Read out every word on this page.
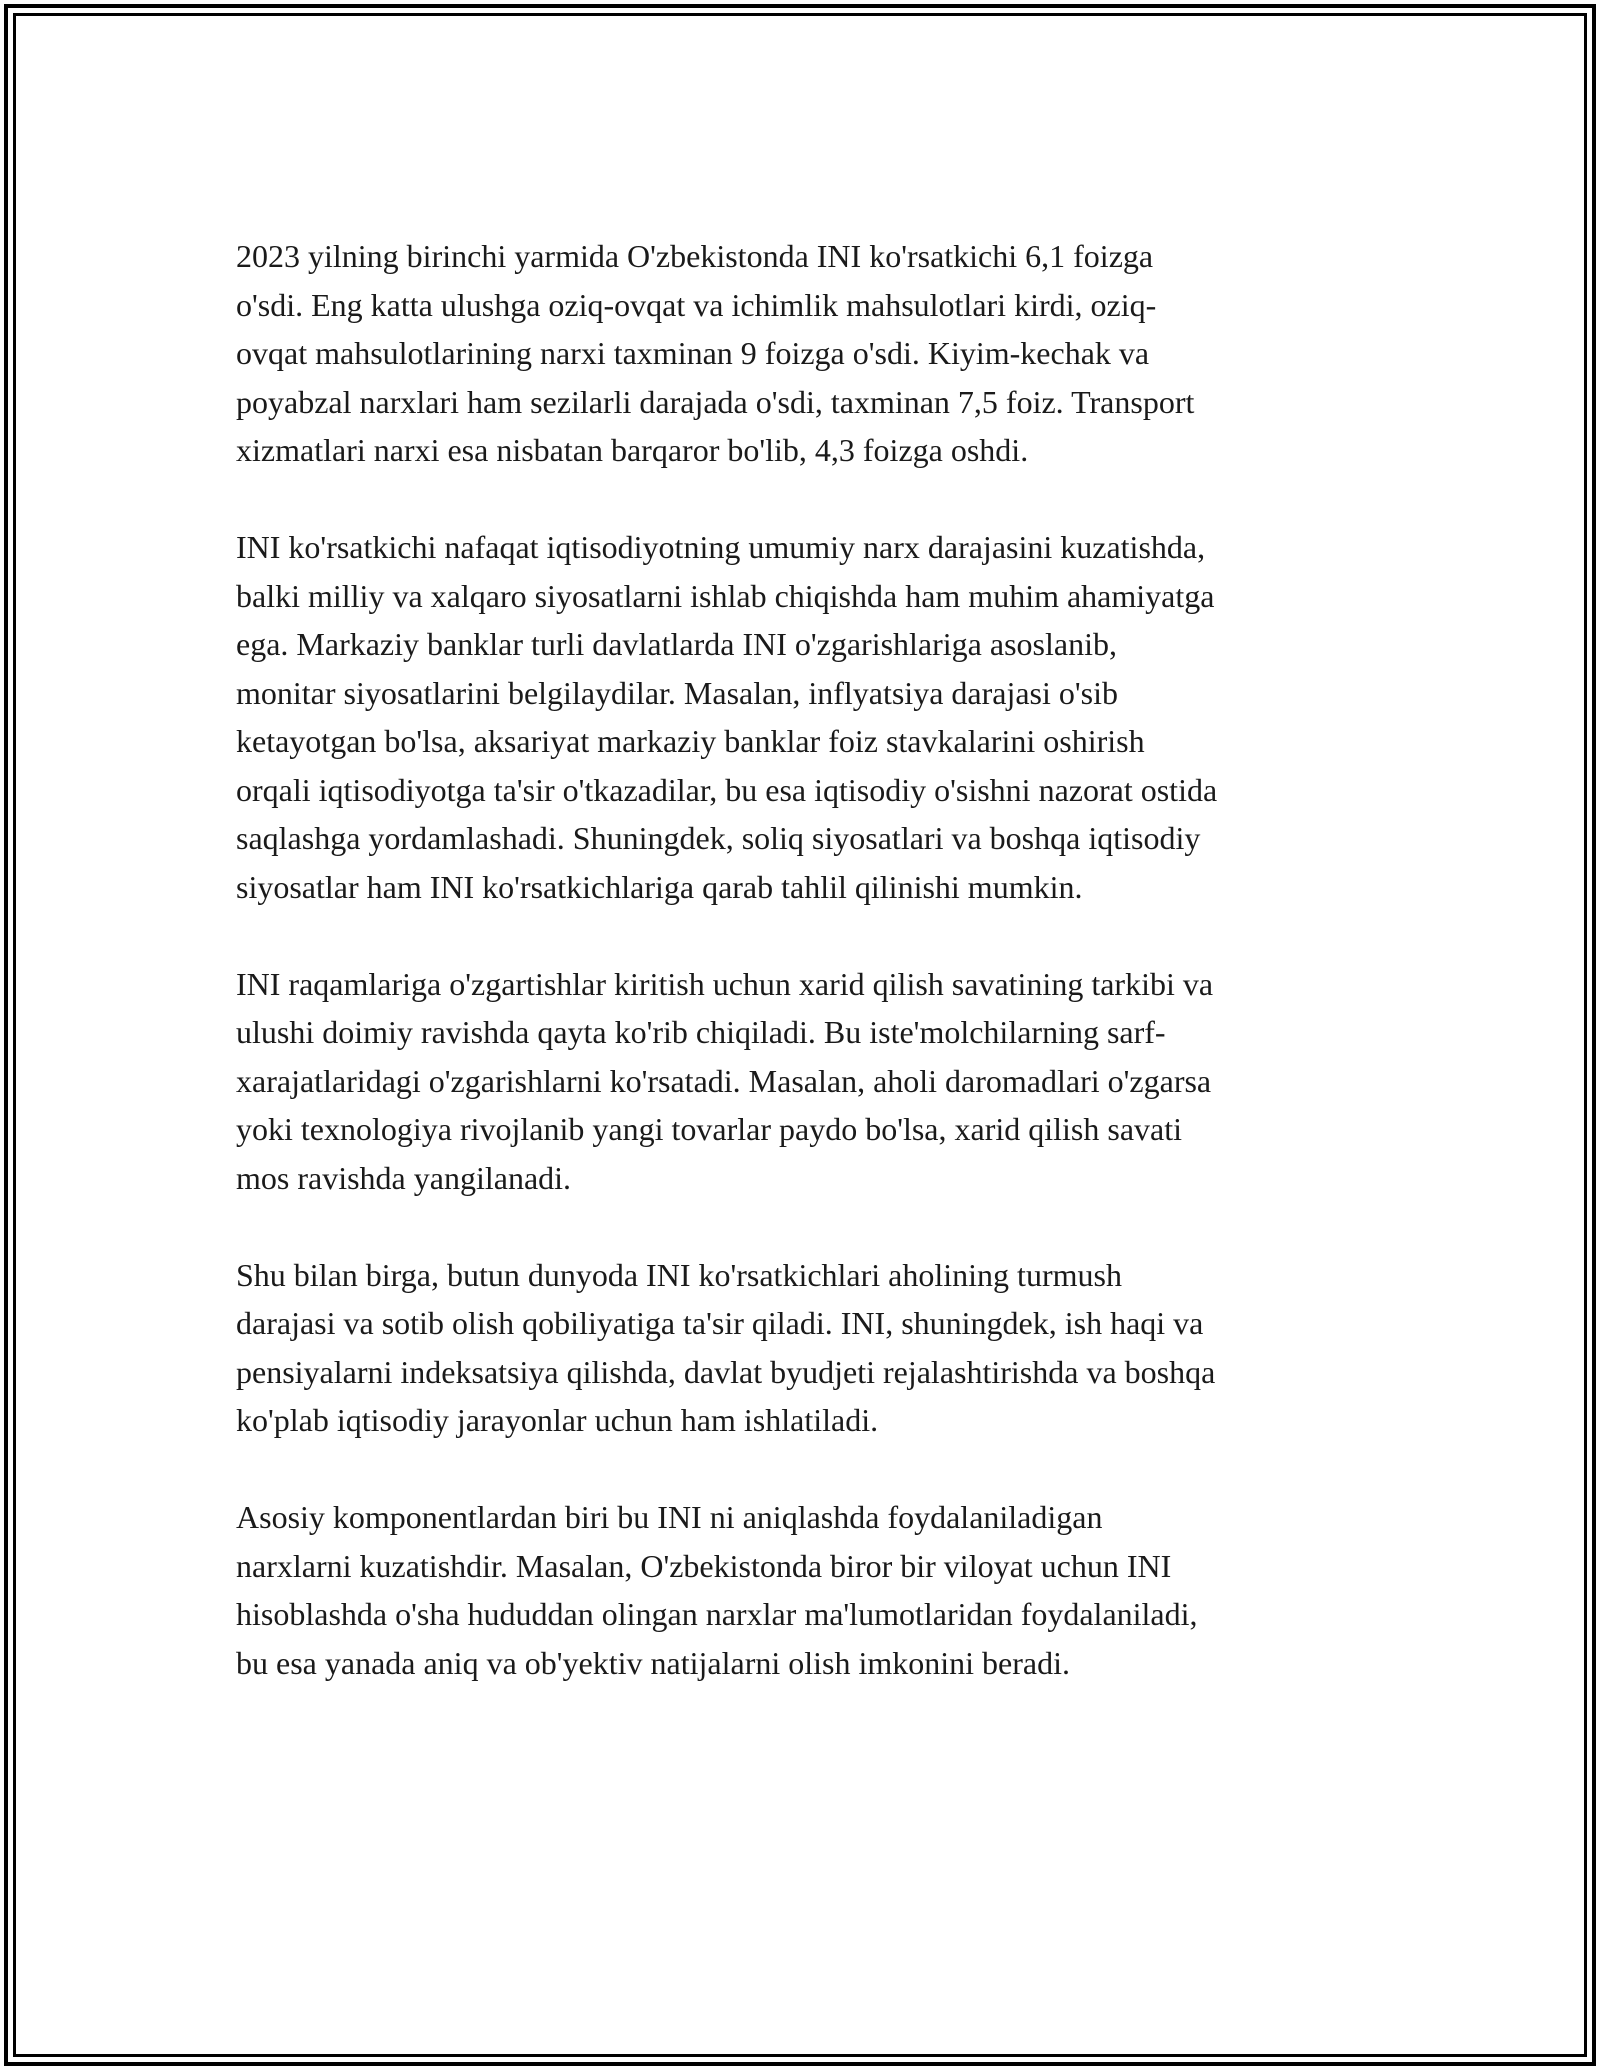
2023 yilning birinchi yarmida O'zbekistonda INI ko'rsatkichi 6,1 foizga
o'sdi. Eng katta ulushga oziq-ovqat va ichimlik mahsulotlari kirdi, oziq-
ovqat mahsulotlarining narxi taxminan 9 foizga o'sdi. Kiyim-kechak va
poyabzal narxlari ham sezilarli darajada o'sdi, taxminan 7,5 foiz. Transport
xizmatlari narxi esa nisbatan barqaror bo'lib, 4,3 foizga oshdi.

INI ko'rsatkichi nafaqat iqtisodiyotning umumiy narx darajasini kuzatishda,
balki milliy va xalqaro siyosatlarni ishlab chiqishda ham muhim ahamiyatga
ega. Markaziy banklar turli davlatlarda INI o'zgarishlariga asoslanib,
monitar siyosatlarini belgilaydilar. Masalan, inflyatsiya darajasi o'sib
ketayotgan bo'lsa, aksariyat markaziy banklar foiz stavkalarini oshirish
orqali iqtisodiyotga ta'sir o'tkazadilar, bu esa iqtisodiy o'sishni nazorat ostida
saqlashga yordamlashadi. Shuningdek, soliq siyosatlari va boshqa iqtisodiy
siyosatlar ham INI ko'rsatkichlariga qarab tahlil qilinishi mumkin.

INI raqamlariga o'zgartishlar kiritish uchun xarid qilish savatining tarkibi va
ulushi doimiy ravishda qayta ko'rib chiqiladi. Bu iste'molchilarning sarf-
xarajatlaridagi o'zgarishlarni ko'rsatadi. Masalan, aholi daromadlari o'zgarsa
yoki texnologiya rivojlanib yangi tovarlar paydo bo'lsa, xarid qilish savati
mos ravishda yangilanadi.

Shu bilan birga, butun dunyoda INI ko'rsatkichlari aholining turmush
darajasi va sotib olish qobiliyatiga ta'sir qiladi. INI, shuningdek, ish haqi va
pensiyalarni indeksatsiya qilishda, davlat byudjeti rejalashtirishda va boshqa
ko'plab iqtisodiy jarayonlar uchun ham ishlatiladi.

Asosiy komponentlardan biri bu INI ni aniqlashda foydalaniladigan
narxlarni kuzatishdir. Masalan, O'zbekistonda biror bir viloyat uchun INI
hisoblashda o'sha hududdan olingan narxlar ma'lumotlaridan foydalaniladi,
bu esa yanada aniq va ob'yektiv natijalarni olish imkonini beradi.
